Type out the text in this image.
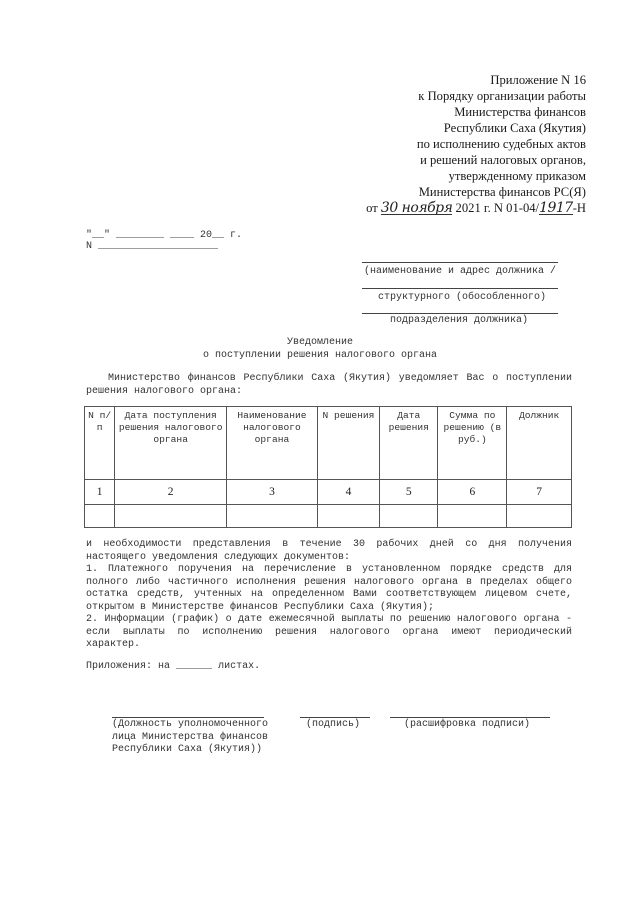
Приложение N 16
к Порядку организации работы
Министерства финансов
Республики Саха (Якутия)
по исполнению судебных актов
и решений налоговых органов,
утвержденному приказом
Министерства финансов РС(Я)
от 30 ноября 2021 г. N 01-04/1917-Н
"__" ________ ____ 20__ г.
N ____________________
(наименование и адрес должника /
структурного (обособленного)
подразделения должника)
Уведомление
о поступлении решения налогового органа
Министерство финансов Республики Саха (Якутия) уведомляет Вас о поступлении решения налогового органа:
N п/п	Дата поступления решения налогового органа	Наименование налогового органа	N решения	Дата решения	Сумма по решению (в руб.)	Должник
1	2	3	4	5	6	7

и необходимости представления в течение 30 рабочих дней со дня получения настоящего уведомления следующих документов:
1. Платежного поручения на перечисление в установленном порядке средств для полного либо частичного исполнения решения налогового органа в пределах общего остатка средств, учтенных на определенном Вами соответствующем лицевом счете, открытом в Министерстве финансов Республики Саха (Якутия);
2. Информации (график) о дате ежемесячной выплаты по решению налогового органа - если выплаты по исполнению решения налогового органа имеют периодический характер.
Приложения: на ______ листах.
(Должность уполномоченного лица Министерства финансов Республики Саха (Якутия))
(подпись)	(расшифровка подписи)
